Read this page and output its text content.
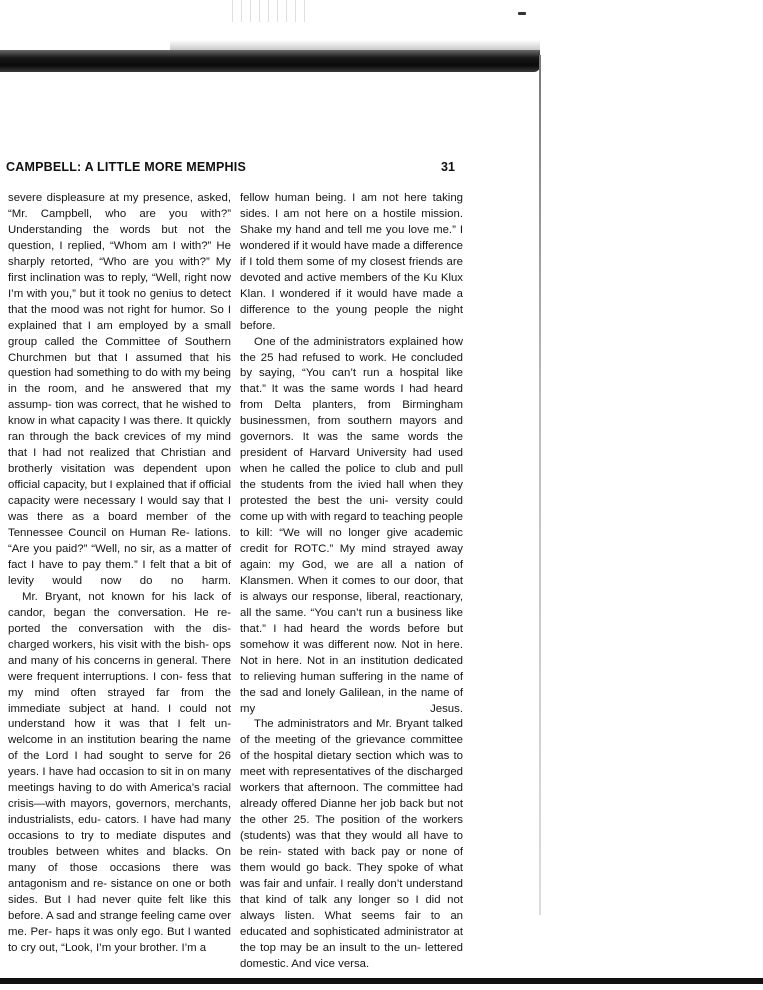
CAMPBELL: A LITTLE MORE MEMPHIS	31

severe displeasure at my presence, asked, “Mr. Campbell, who are you with?” Understanding the words but not the question, I replied, “Whom am I with?” He sharply retorted, “Who are you with?” My first inclination was to reply, “Well, right now I’m with you,” but it took no genius to detect that the mood was not right for humor. So I explained that I am employed by a small group called the Committee of Southern Churchmen but that I assumed that his question had something to do with my being in the room, and he answered that my assump- tion was correct, that he wished to know in what capacity I was there. It quickly ran through the back crevices of my mind that I had not realized that Christian and brotherly visitation was dependent upon official capacity, but I explained that if official capacity were necessary I would say that I was there as a board member of the Tennessee Council on Human Re- lations. “Are you paid?” “Well, no sir, as a matter of fact I have to pay them.” I felt that a bit of levity would now do no harm.

Mr. Bryant, not known for his lack of candor, began the conversation. He re- ported the conversation with the dis- charged workers, his visit with the bish- ops and many of his concerns in general. There were frequent interruptions. I con- fess that my mind often strayed far from the immediate subject at hand. I could not understand how it was that I felt un- welcome in an institution bearing the name of the Lord I had sought to serve for 26 years. I have had occasion to sit in on many meetings having to do with America’s racial crisis—with mayors, governors, merchants, industrialists, edu- cators. I have had many occasions to try to mediate disputes and troubles between whites and blacks. On many of those occasions there was antagonism and re- sistance on one or both sides. But I had never quite felt like this before. A sad and strange feeling came over me. Per- haps it was only ego. But I wanted to cry out, “Look, I’m your brother. I’m a

fellow human being. I am not here taking sides. I am not here on a hostile mission. Shake my hand and tell me you love me.” I wondered if it would have made a difference if I told them some of my closest friends are devoted and active members of the Ku Klux Klan. I wondered if it would have made a difference to the young people the night before.

One of the administrators explained how the 25 had refused to work. He concluded by saying, “You can’t run a hospital like that.” It was the same words I had heard from Delta planters, from Birmingham businessmen, from southern mayors and governors. It was the same words the president of Harvard University had used when he called the police to club and pull the students from the ivied hall when they protested the best the uni- versity could come up with with regard to teaching people to kill: “We will no longer give academic credit for ROTC.” My mind strayed away again: my God, we are all a nation of Klansmen. When it comes to our door, that is always our response, liberal, reactionary, all the same. “You can’t run a business like that.” I had heard the words before but somehow it was different now. Not in here. Not in here. Not in an institution dedicated to relieving human suffering in the name of the sad and lonely Galilean, in the name of my Jesus.

The administrators and Mr. Bryant talked of the meeting of the grievance committee of the hospital dietary section which was to meet with representatives of the discharged workers that afternoon. The committee had already offered Dianne her job back but not the other 25. The position of the workers (students) was that they would all have to be rein- stated with back pay or none of them would go back. They spoke of what was fair and unfair. I really don’t understand that kind of talk any longer so I did not always listen. What seems fair to an educated and sophisticated administrator at the top may be an insult to the un- lettered domestic. And vice versa.
